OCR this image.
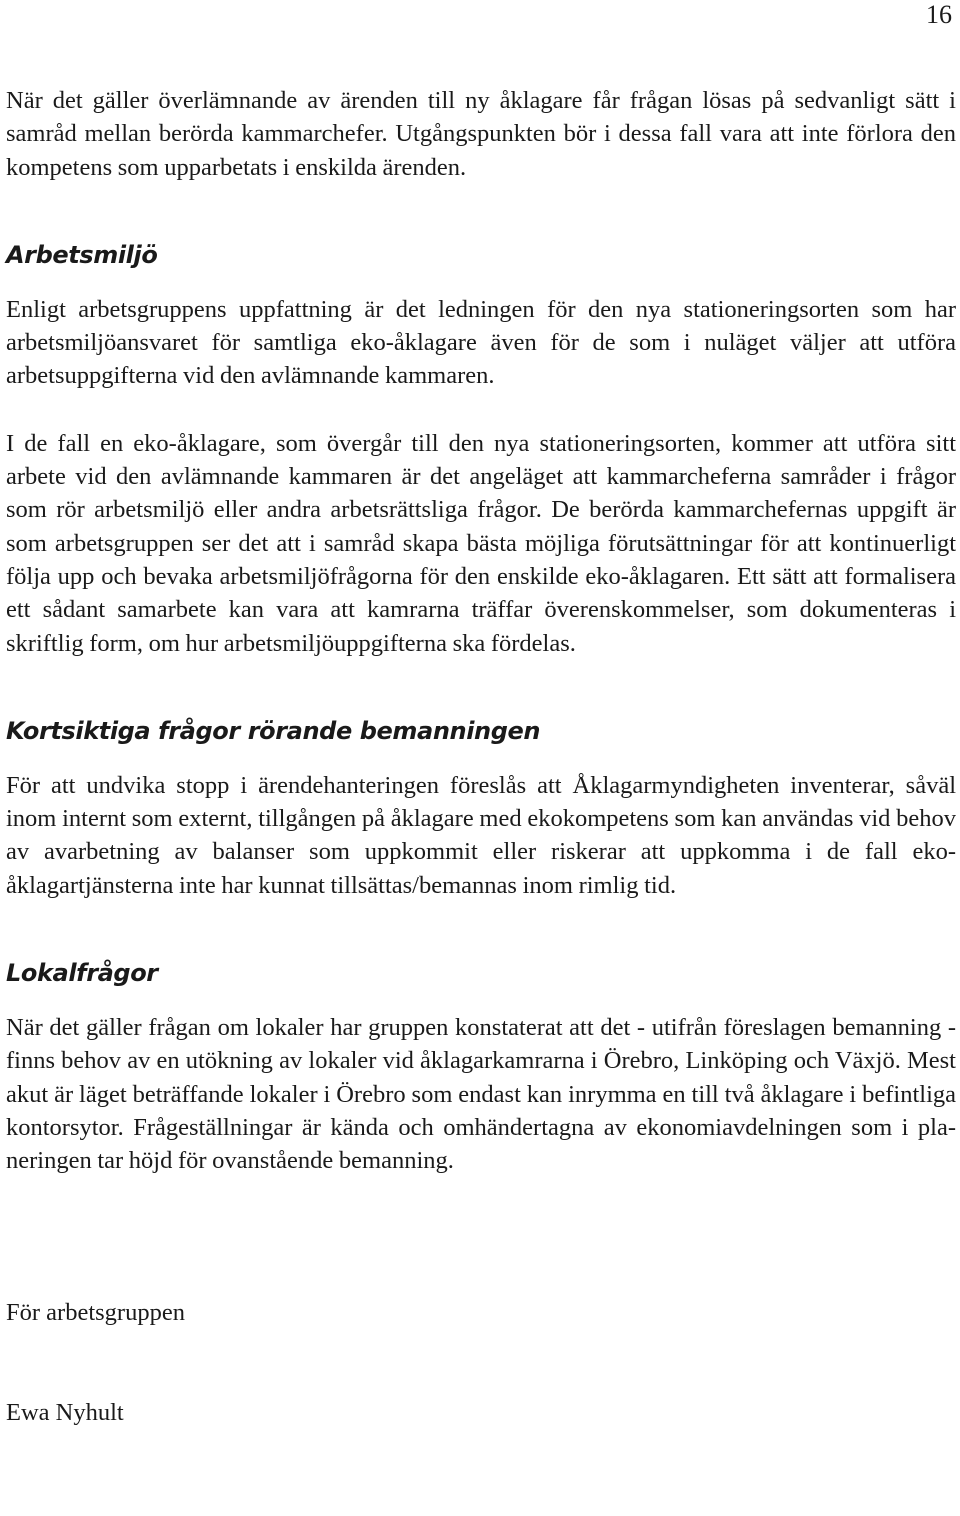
16

När det gäller överlämnande av ärenden till ny åklagare får frågan lösas på sedvanligt sätt i samråd mellan berörda kammarchefer. Utgångspunkten bör i dessa fall vara att inte förlora den kompetens som upparbetats i enskilda ärenden.

Arbetsmiljö

Enligt arbetsgruppens uppfattning är det ledningen för den nya stationeringsorten som har arbetsmiljöansvaret för samtliga eko-åklagare även för de som i nuläget väljer att utföra arbetsuppgifterna vid den avlämnande kammaren.

I de fall en eko-åklagare, som övergår till den nya stationeringsorten, kommer att utföra sitt arbete vid den avlämnande kammaren är det angeläget att kammarcheferna samråder i frågor som rör arbetsmiljö eller andra arbetsrättsliga frågor. De berörda kammarchefernas uppgift är som arbetsgruppen ser det att i samråd skapa bästa möjliga förutsättningar för att kontinuerligt följa upp och bevaka arbetsmiljöfrågorna för den enskilde eko-åklagaren. Ett sätt att formalisera ett sådant samarbete kan vara att kamrarna träffar överenskommelser, som dokumenteras i skriftlig form, om hur arbetsmiljöuppgifterna ska fördelas.

Kortsiktiga frågor rörande bemanningen

För att undvika stopp i ärendehanteringen föreslås att Åklagarmyndigheten inventerar, såväl inom internt som externt, tillgången på åklagare med ekokompetens som kan användas vid behov av avarbetning av balanser som uppkommit eller riskerar att uppkomma i de fall eko-åklagartjänsterna inte har kunnat tillsättas/bemannas inom rimlig tid.

Lokalfrågor

När det gäller frågan om lokaler har gruppen konstaterat att det - utifrån föreslagen bemanning - finns behov av en utökning av lokaler vid åklagarkamrarna i Örebro, Linköping och Växjö. Mest akut är läget beträffande lokaler i Örebro som endast kan inrymma en till två åklagare i befintliga kontorsytor. Frågeställningar är kända och omhändertagna av ekonomiavdelningen som i planeringen tar höjd för ovanstående bemanning.

För arbetsgruppen

Ewa Nyhult
